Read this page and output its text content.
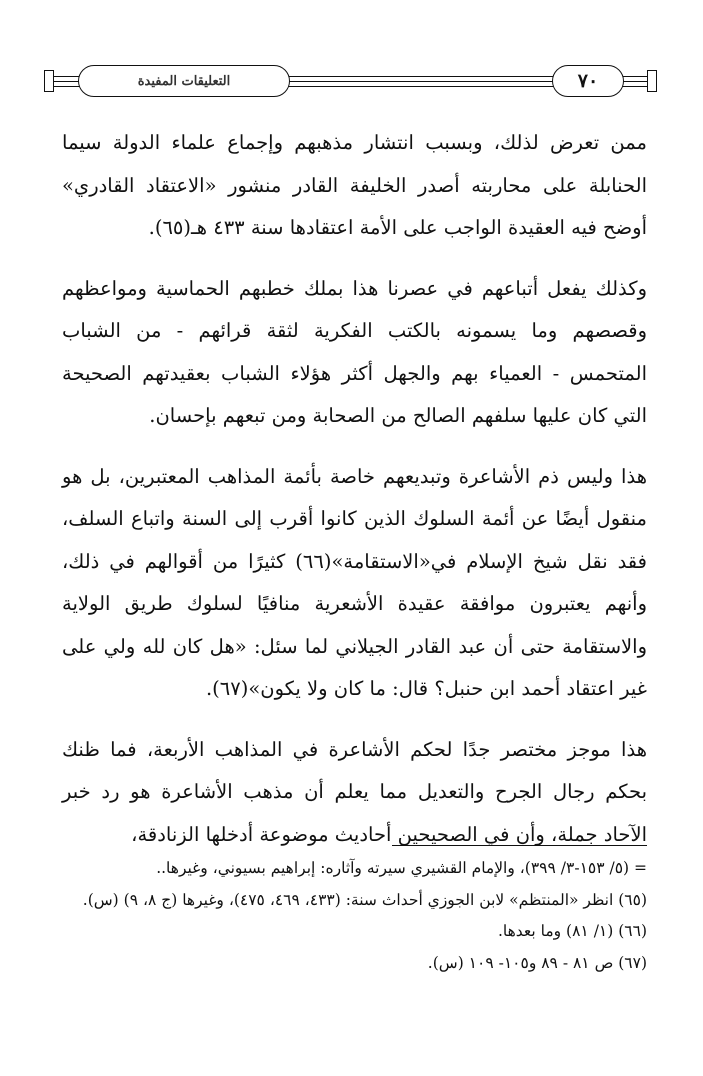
التعليقات المفيدة	٧٠

ممن تعرض لذلك، وبسبب انتشار مذهبهم وإجماع علماء الدولة سيما الحنابلة على محاربته أصدر الخليفة القادر منشور «الاعتقاد القادري» أوضح فيه العقيدة الواجب على الأمة اعتقادها سنة ٤٣٣ هـ(٦٥).

وكذلك يفعل أتباعهم في عصرنا هذا بملك خطبهم الحماسية ومواعظهم وقصصهم وما يسمونه بالكتب الفكرية لثقة قرائهم - من الشباب المتحمس - العمياء بهم والجهل أكثر هؤلاء الشباب بعقيدتهم الصحيحة التي كان عليها سلفهم الصالح من الصحابة ومن تبعهم بإحسان.

هذا وليس ذم الأشاعرة وتبديعهم خاصة بأئمة المذاهب المعتبرين، بل هو منقول أيضًا عن أئمة السلوك الذين كانوا أقرب إلى السنة واتباع السلف، فقد نقل شيخ الإسلام في«الاستقامة»(٦٦) كثيرًا من أقوالهم في ذلك، وأنهم يعتبرون موافقة عقيدة الأشعرية منافيًا لسلوك طريق الولاية والاستقامة حتى أن عبد القادر الجيلاني لما سئل: «هل كان لله ولي على غير اعتقاد أحمد ابن حنبل؟ قال: ما كان ولا يكون»(٦٧).

هذا موجز مختصر جدًا لحكم الأشاعرة في المذاهب الأربعة، فما ظنك بحكم رجال الجرح والتعديل مما يعلم أن مذهب الأشاعرة هو رد خبر الآحاد جملة، وأن في الصحيحين أحاديث موضوعة أدخلها الزنادقة،

= (٥/ ١٥٣-٣/ ٣٩٩)، والإمام القشيري سيرته وآثاره: إبراهيم بسيوني، وغيرها..

(٦٥) انظر «المنتظم» لابن الجوزي أحداث سنة: (٤٣٣، ٤٦٩، ٤٧٥)، وغيرها (ج ٨، ٩) (س).

(٦٦) (١/ ٨١) وما بعدها.

(٦٧) ص ٨١ - ٨٩ و١٠٥- ١٠٩ (س).
